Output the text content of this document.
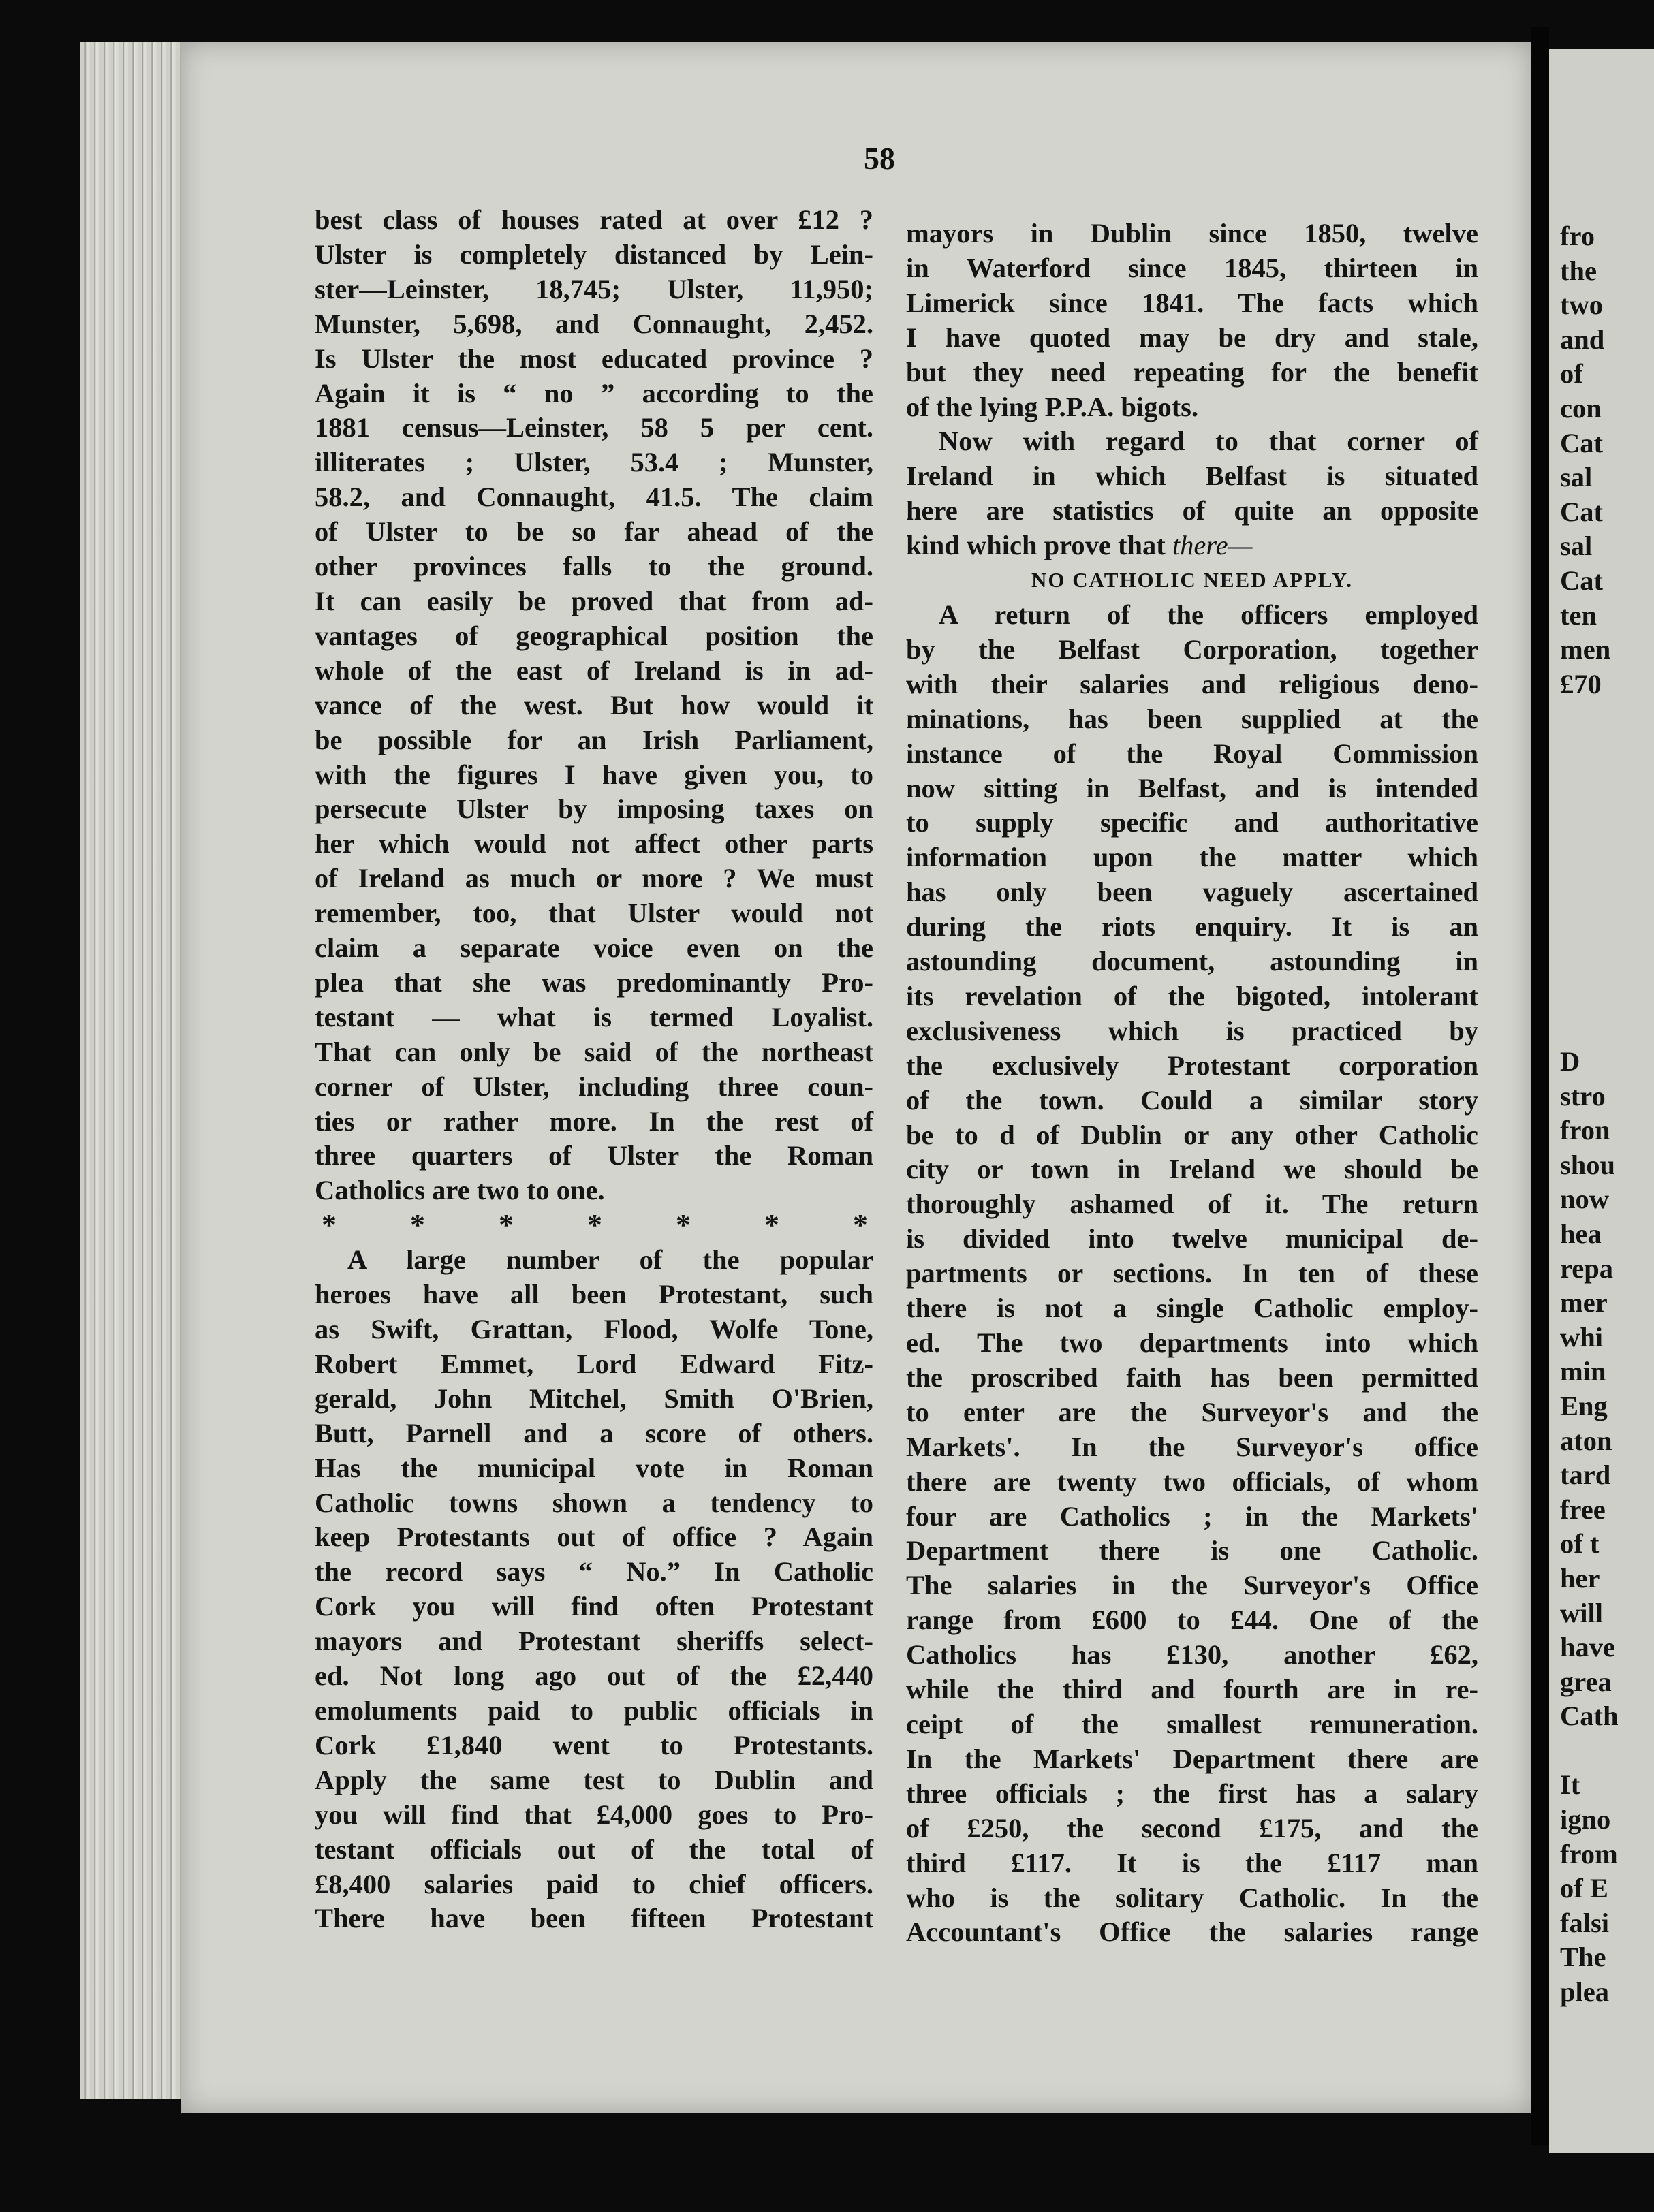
fro
the
two
and
of
con
Cat
sal
Cat
sal
Cat
ten
men
£70
D
stro
fron
shou
now
hea
repa
mer
whi
min
Eng
aton
tard
free
of t
her
will
have
grea
Cath

It
igno
from
of E
falsi
The
plea
58
best class of houses rated at over £12 ?
Ulster is completely distanced by Lein-
ster—Leinster, 18,745; Ulster, 11,950;
Munster, 5,698, and Connaught, 2,452.
Is Ulster the most educated province ?
Again it is “ no ” according to the
1881 census—Leinster, 58 5 per cent.
illiterates ; Ulster, 53.4 ; Munster,
58.2, and Connaught, 41.5. The claim
of Ulster to be so far ahead of the
other provinces falls to the ground.
It can easily be proved that from ad-
vantages of geographical position the
whole of the east of Ireland is in ad-
vance of the west. But how would it
be possible for an Irish Parliament,
with the figures I have given you, to
persecute Ulster by imposing taxes on
her which would not affect other parts
of Ireland as much or more ? We must
remember, too, that Ulster would not
claim a separate voice even on the
plea that she was predominantly Pro-
testant — what is termed Loyalist.
That can only be said of the northeast
corner of Ulster, including three coun-
ties or rather more. In the rest of
three quarters of Ulster the Roman
Catholics are two to one.
* * * * * * *
A large number of the popular
heroes have all been Protestant, such
as Swift, Grattan, Flood, Wolfe Tone,
Robert Emmet, Lord Edward Fitz-
gerald, John Mitchel, Smith O'Brien,
Butt, Parnell and a score of others.
Has the municipal vote in Roman
Catholic towns shown a tendency to
keep Protestants out of office ? Again
the record says “ No.” In Catholic
Cork you will find often Protestant
mayors and Protestant sheriffs select-
ed. Not long ago out of the £2,440
emoluments paid to public officials in
Cork £1,840 went to Protestants.
Apply the same test to Dublin and
you will find that £4,000 goes to Pro-
testant officials out of the total of
£8,400 salaries paid to chief officers.
There have been fifteen Protestant
mayors in Dublin since 1850, twelve
in Waterford since 1845, thirteen in
Limerick since 1841. The facts which
I have quoted may be dry and stale,
but they need repeating for the benefit
of the lying P.P.A. bigots.
Now with regard to that corner of
Ireland in which Belfast is situated
here are statistics of quite an opposite
kind which prove that there—
NO CATHOLIC NEED APPLY.
A return of the officers employed
by the Belfast Corporation, together
with their salaries and religious deno-
minations, has been supplied at the
instance of the Royal Commission
now sitting in Belfast, and is intended
to supply specific and authoritative
information upon the matter which
has only been vaguely ascertained
during the riots enquiry. It is an
astounding document, astounding in
its revelation of the bigoted, intolerant
exclusiveness which is practiced by
the exclusively Protestant corporation
of the town. Could a similar story
be to d of Dublin or any other Catholic
city or town in Ireland we should be
thoroughly ashamed of it. The return
is divided into twelve municipal de-
partments or sections. In ten of these
there is not a single Catholic employ-
ed. The two departments into which
the proscribed faith has been permitted
to enter are the Surveyor's and the
Markets'. In the Surveyor's office
there are twenty two officials, of whom
four are Catholics ; in the Markets'
Department there is one Catholic.
The salaries in the Surveyor's Office
range from £600 to £44. One of the
Catholics has £130, another £62,
while the third and fourth are in re-
ceipt of the smallest remuneration.
In the Markets' Department there are
three officials ; the first has a salary
of £250, the second £175, and the
third £117. It is the £117 man
who is the solitary Catholic. In the
Accountant's Office the salaries range
